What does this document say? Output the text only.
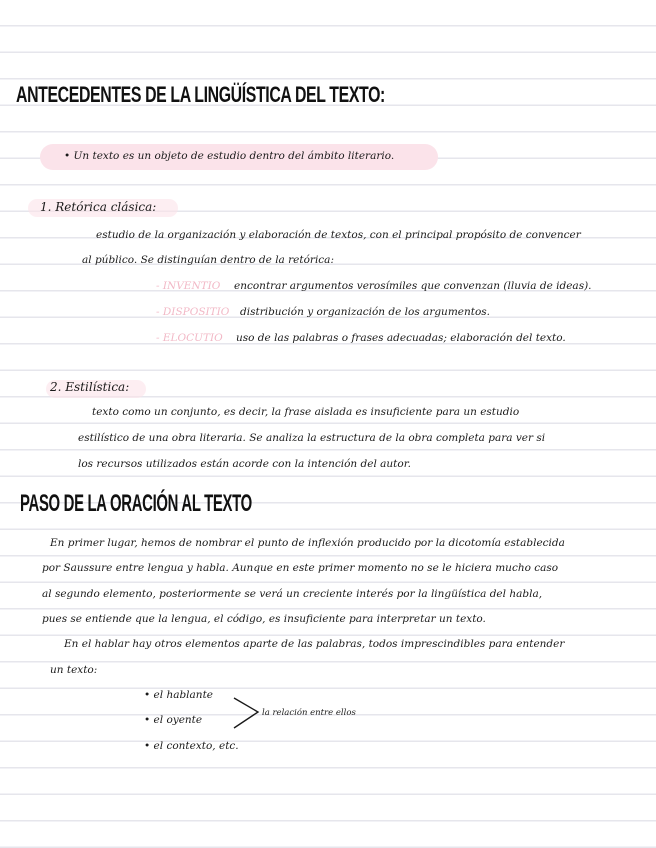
ANTECEDENTES DE LA LINGÜÍSTICA DEL TEXTO:
• Un texto es un objeto de estudio dentro del ámbito literario.
1. Retórica clásica:
estudio de la organización y elaboración de textos, con el principal propósito de convencer
al público. Se distinguían dentro de la retórica:
- INVENTIO encontrar argumentos verosímiles que convenzan (lluvia de ideas).
- DISPOSITIO distribución y organización de los argumentos.
- ELOCUTIO uso de las palabras o frases adecuadas; elaboración del texto.
2. Estilística:
texto como un conjunto, es decir, la frase aislada es insuficiente para un estudio
estilístico de una obra literaria. Se analiza la estructura de la obra completa para ver si
los recursos utilizados están acorde con la intención del autor.
PASO DE LA ORACIÓN AL TEXTO
En primer lugar, hemos de nombrar el punto de inflexión producido por la dicotomía establecida
por Saussure entre lengua y habla. Aunque en este primer momento no se le hiciera mucho caso
al segundo elemento, posteriormente se verá un creciente interés por la lingüística del habla,
pues se entiende que la lengua, el código, es insuficiente para interpretar un texto.
En el hablar hay otros elementos aparte de las palabras, todos imprescindibles para entender
un texto:
• el hablante
• el oyente
• el contexto, etc.
la relación entre ellos
